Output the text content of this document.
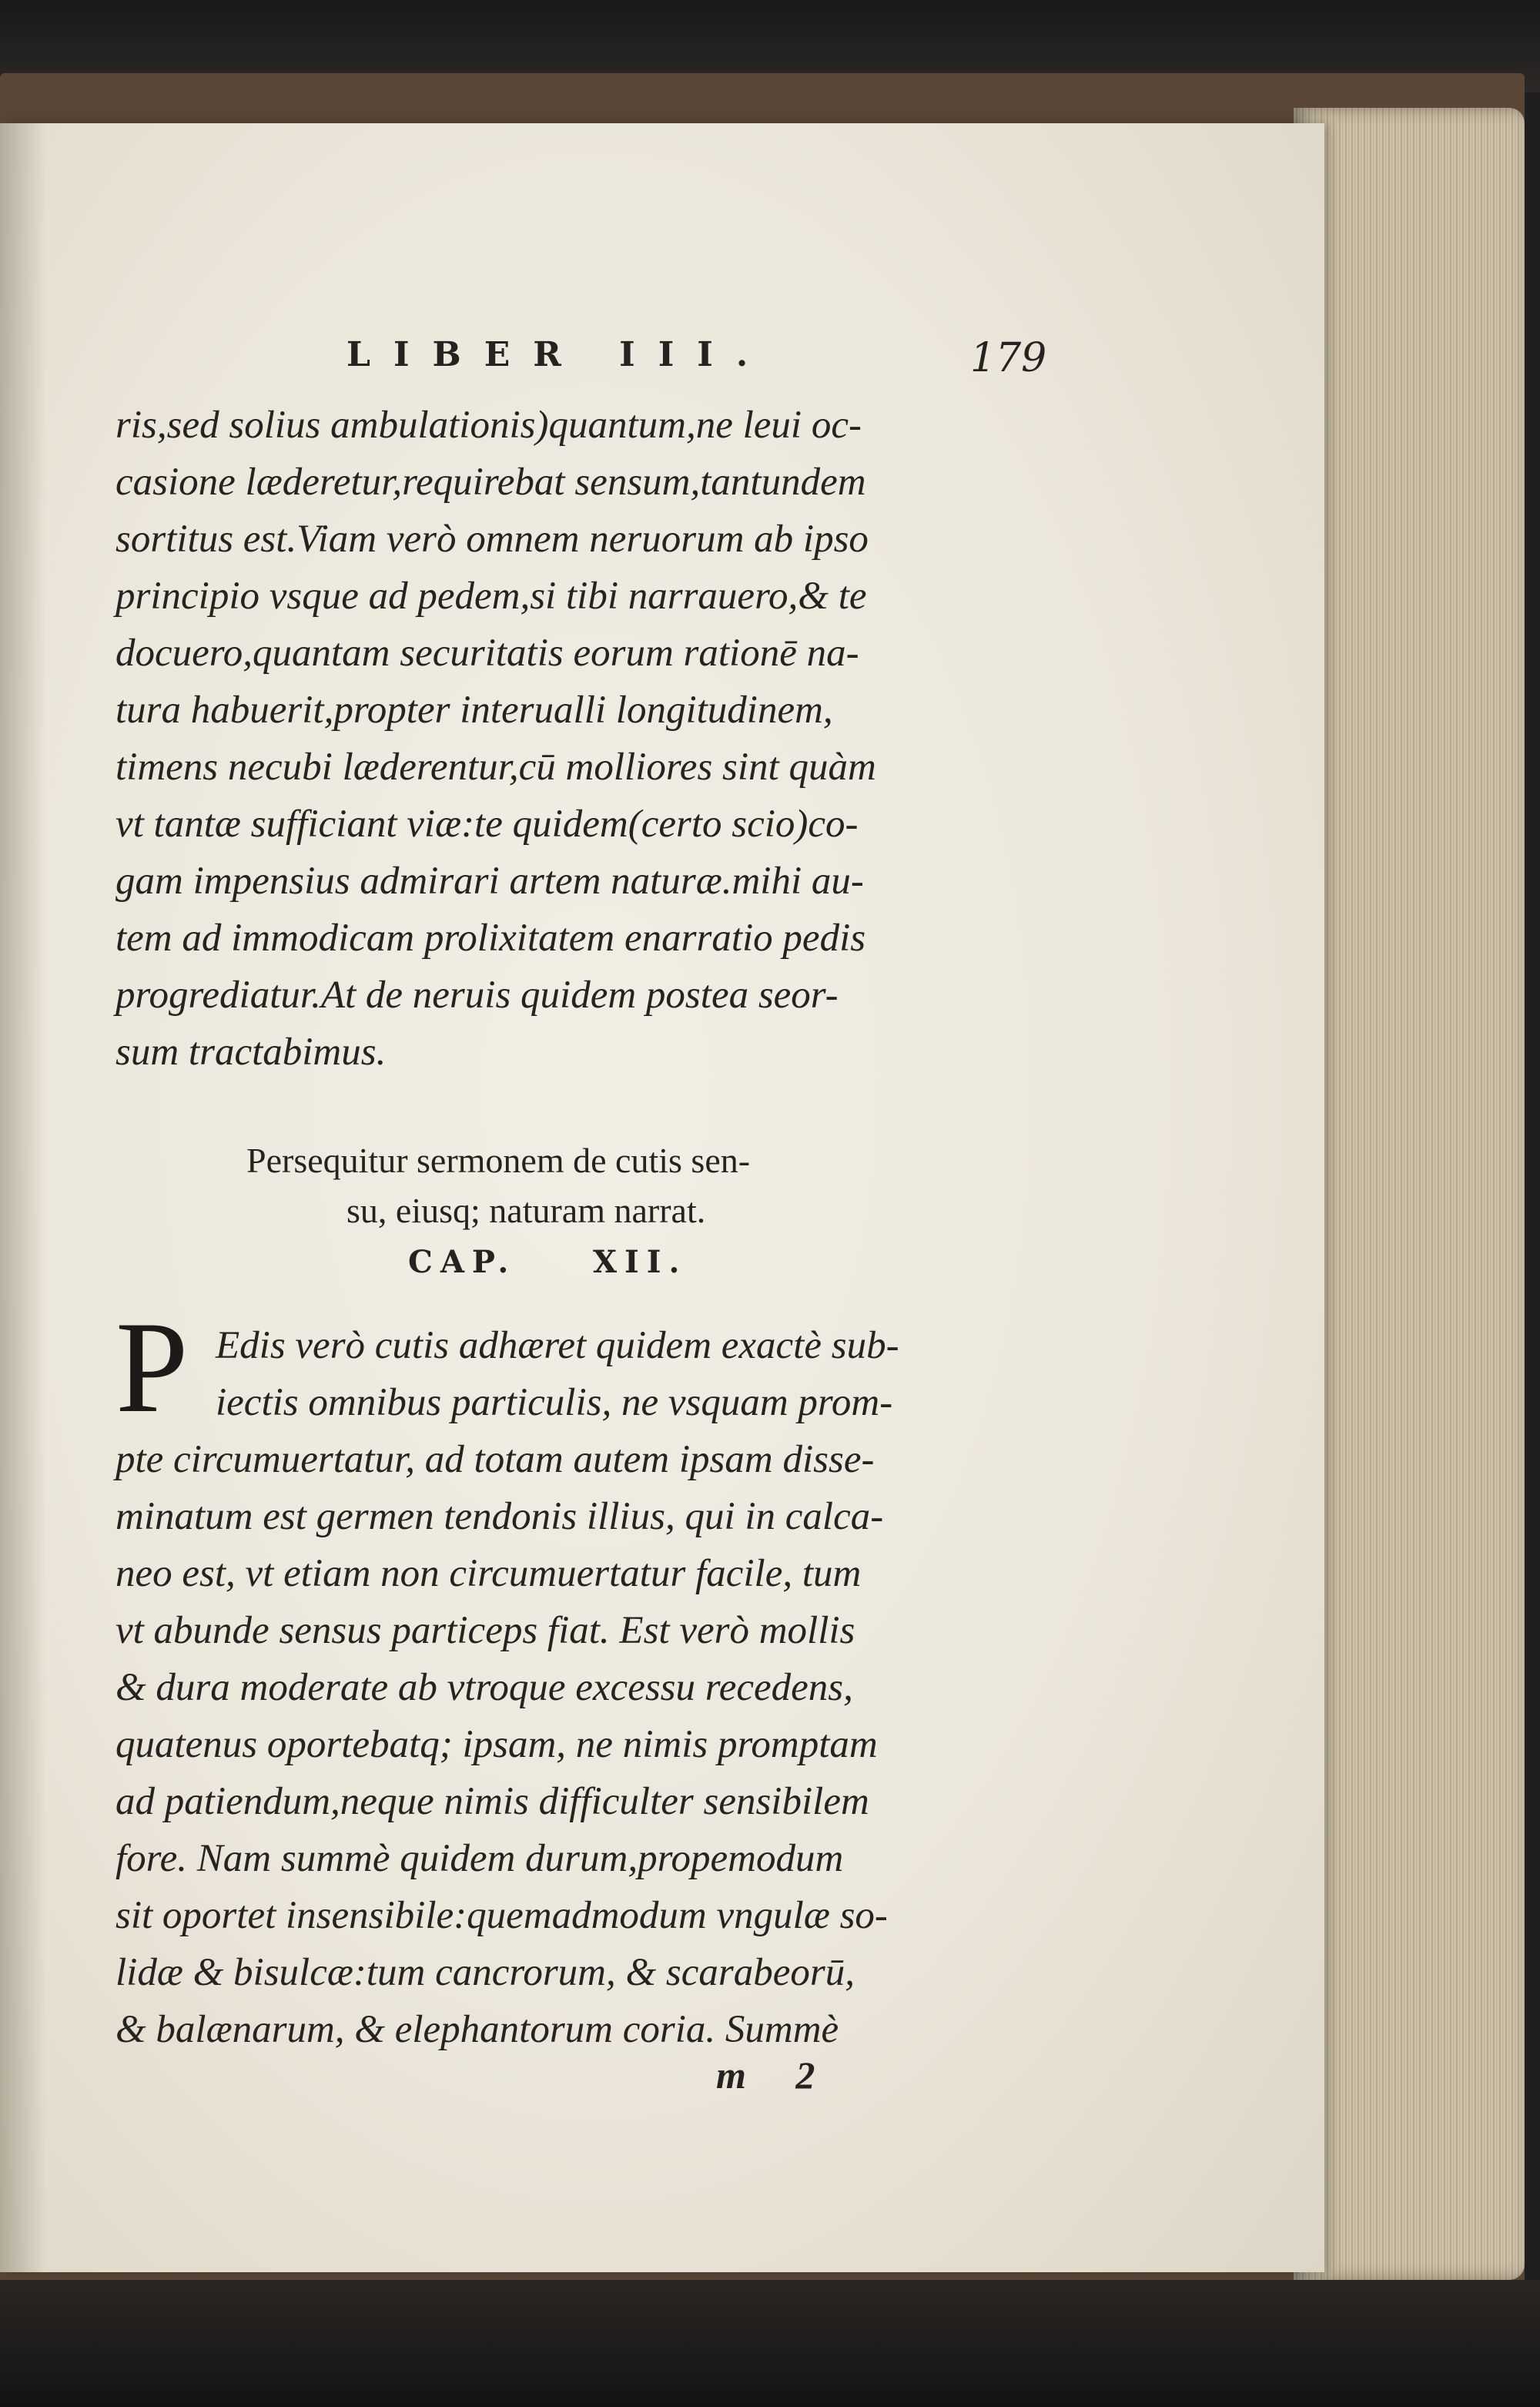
LIBER III.	179
ris,sed solius ambulationis)quantum,ne leui oc-
casione læderetur,requirebat sensum,tantundem
sortitus est.Viam verò omnem neruorum ab ipso
principio vsque ad pedem,si tibi narrauero,& te
docuero,quantam securitatis eorum rationē na-
tura habuerit,propter interualli longitudinem,
timens necubi læderentur,cū molliores sint quàm
vt tantæ sufficiant viæ:te quidem(certo scio)co-
gam impensius admirari artem naturæ.mihi au-
tem ad immodicam prolixitatem enarratio pedis
progrediatur.At de neruis quidem postea seor-
sum tractabimus.
Persequitur sermonem de cutis sen-
su, eiusq; naturam narrat.
CAP. XII.
P Edis verò cutis adhæret quidem exactè sub-
iectis omnibus particulis, ne vsquam prom-
pte circumuertatur, ad totam autem ipsam disse-
minatum est germen tendonis illius, qui in calca-
neo est, vt etiam non circumuertatur facile, tum
vt abunde sensus particeps fiat. Est verò mollis
& dura moderate ab vtroque excessu recedens,
quatenus oportebatq; ipsam, ne nimis promptam
ad patiendum,neque nimis difficulter sensibilem
fore. Nam summè quidem durum,propemodum
sit oportet insensibile:quemadmodum vngulæ so-
lidæ & bisulcæ:tum cancrorum, & scarabeorū,
& balænarum, & elephantorum coria. Summè
m 2
